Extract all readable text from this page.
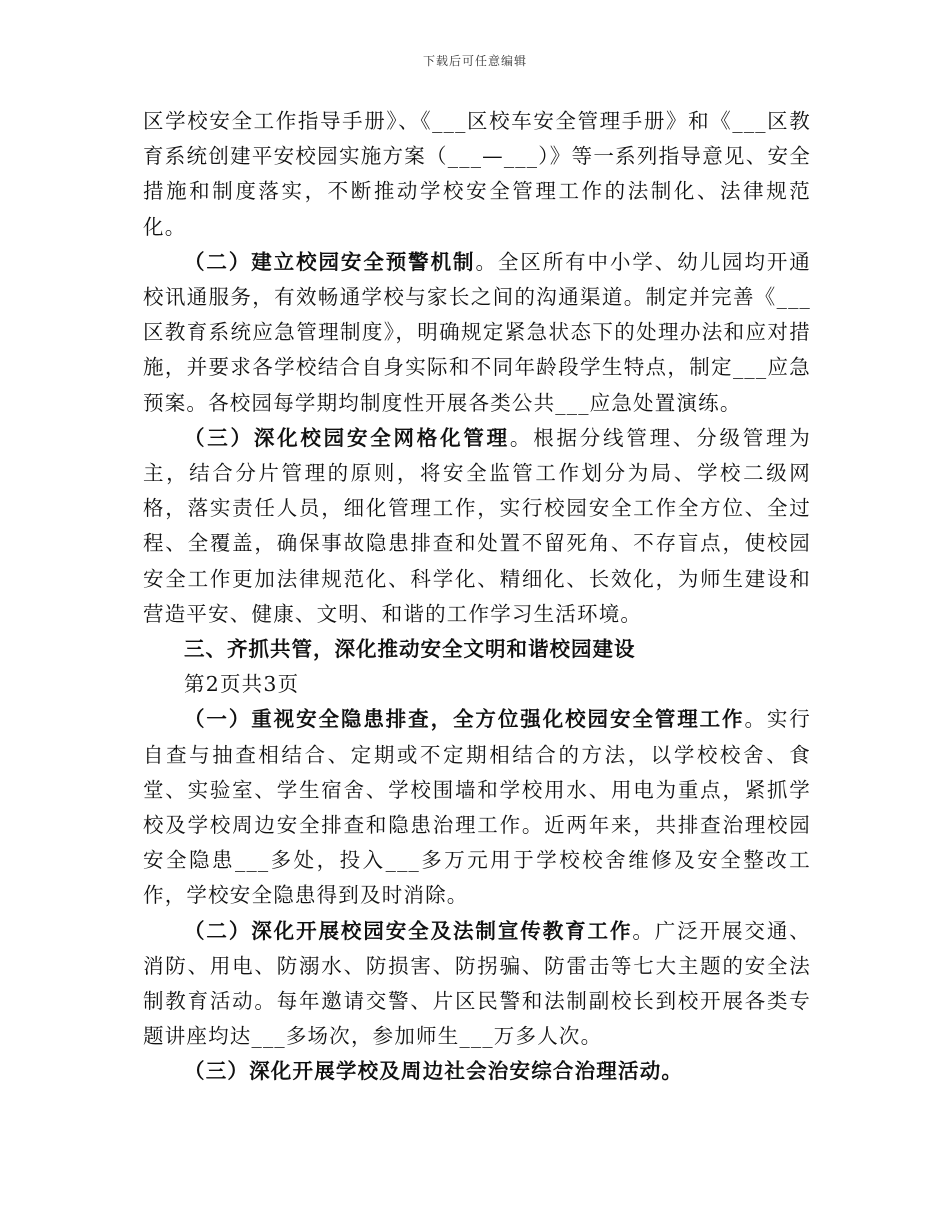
下载后可任意编辑

区学校安全工作指导手册》、《___区校车安全管理手册》和《___区教育系统创建平安校园实施方案（___—___）》等一系列指导意见、安全措施和制度落实，不断推动学校安全管理工作的法制化、法律规范化。

（二）建立校园安全预警机制。全区所有中小学、幼儿园均开通校讯通服务，有效畅通学校与家长之间的沟通渠道。制定并完善《___区教育系统应急管理制度》，明确规定紧急状态下的处理办法和应对措施，并要求各学校结合自身实际和不同年龄段学生特点，制定___应急预案。各校园每学期均制度性开展各类公共___应急处置演练。

（三）深化校园安全网格化管理。根据分线管理、分级管理为主，结合分片管理的原则，将安全监管工作划分为局、学校二级网格，落实责任人员，细化管理工作，实行校园安全工作全方位、全过程、全覆盖，确保事故隐患排查和处置不留死角、不存盲点，使校园安全工作更加法律规范化、科学化、精细化、长效化，为师生建设和营造平安、健康、文明、和谐的工作学习生活环境。

三、齐抓共管，深化推动安全文明和谐校园建设

第2页共3页

（一）重视安全隐患排查，全方位强化校园安全管理工作。实行自查与抽查相结合、定期或不定期相结合的方法，以学校校舍、食堂、实验室、学生宿舍、学校围墙和学校用水、用电为重点，紧抓学校及学校周边安全排查和隐患治理工作。近两年来，共排查治理校园安全隐患___多处，投入___多万元用于学校校舍维修及安全整改工作，学校安全隐患得到及时消除。

（二）深化开展校园安全及法制宣传教育工作。广泛开展交通、消防、用电、防溺水、防损害、防拐骗、防雷击等七大主题的安全法制教育活动。每年邀请交警、片区民警和法制副校长到校开展各类专题讲座均达___多场次，参加师生___万多人次。

（三）深化开展学校及周边社会治安综合治理活动。
